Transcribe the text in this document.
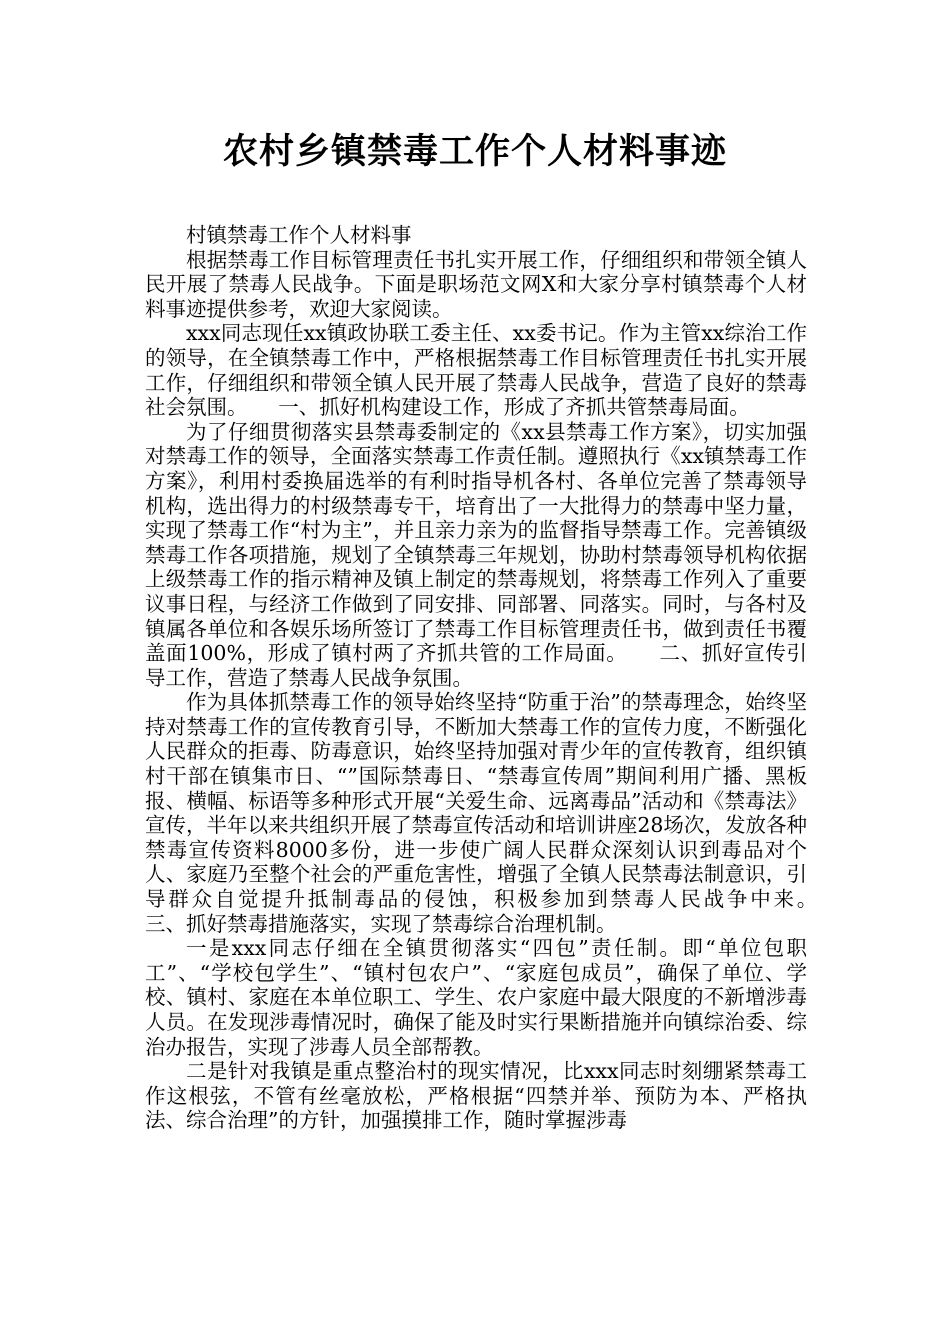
农村乡镇禁毒工作个人材料事迹

村镇禁毒工作个人材料事

根据禁毒工作目标管理责任书扎实开展工作，仔细组织和带领全镇人民开展了禁毒人民战争。下面是职场范文网X和大家分享村镇禁毒个人材料事迹提供参考，欢迎大家阅读。

xxx同志现任xx镇政协联工委主任、xx委书记。作为主管xx综治工作的领导，在全镇禁毒工作中，严格根据禁毒工作目标管理责任书扎实开展工作，仔细组织和带领全镇人民开展了禁毒人民战争，营造了良好的禁毒社会氛围。　　一、抓好机构建设工作，形成了齐抓共管禁毒局面。

为了仔细贯彻落实县禁毒委制定的《xx县禁毒工作方案》，切实加强对禁毒工作的领导，全面落实禁毒工作责任制。遵照执行《xx镇禁毒工作方案》，利用村委换届选举的有利时指导机各村、各单位完善了禁毒领导机构，选出得力的村级禁毒专干，培育出了一大批得力的禁毒中坚力量，实现了禁毒工作“村为主”，并且亲力亲为的监督指导禁毒工作。完善镇级禁毒工作各项措施，规划了全镇禁毒三年规划，协助村禁毒领导机构依据上级禁毒工作的指示精神及镇上制定的禁毒规划，将禁毒工作列入了重要议事日程，与经济工作做到了同安排、同部署、同落实。同时，与各村及镇属各单位和各娱乐场所签订了禁毒工作目标管理责任书，做到责任书覆盖面100%，形成了镇村两了齐抓共管的工作局面。　　二、抓好宣传引导工作，营造了禁毒人民战争氛围。

作为具体抓禁毒工作的领导始终坚持“防重于治”的禁毒理念，始终坚持对禁毒工作的宣传教育引导，不断加大禁毒工作的宣传力度，不断强化人民群众的拒毒、防毒意识，始终坚持加强对青少年的宣传教育，组织镇村干部在镇集市日、“”国际禁毒日、“禁毒宣传周”期间利用广播、黑板报、横幅、标语等多种形式开展“关爱生命、远离毒品”活动和《禁毒法》宣传，半年以来共组织开展了禁毒宣传活动和培训讲座28场次，发放各种禁毒宣传资料8000多份，进一步使广阔人民群众深刻认识到毒品对个人、家庭乃至整个社会的严重危害性，增强了全镇人民禁毒法制意识，引导群众自觉提升抵制毒品的侵蚀，积极参加到禁毒人民战争中来。　　三、抓好禁毒措施落实，实现了禁毒综合治理机制。

一是xxx同志仔细在全镇贯彻落实“四包”责任制。即“单位包职工”、“学校包学生”、“镇村包农户”、“家庭包成员”，确保了单位、学校、镇村、家庭在本单位职工、学生、农户家庭中最大限度的不新增涉毒人员。在发现涉毒情况时，确保了能及时实行果断措施并向镇综治委、综治办报告，实现了涉毒人员全部帮教。

二是针对我镇是重点整治村的现实情况，比xxx同志时刻绷紧禁毒工作这根弦，不管有丝毫放松，严格根据“四禁并举、预防为本、严格执法、综合治理”的方针，加强摸排工作，随时掌握涉毒
